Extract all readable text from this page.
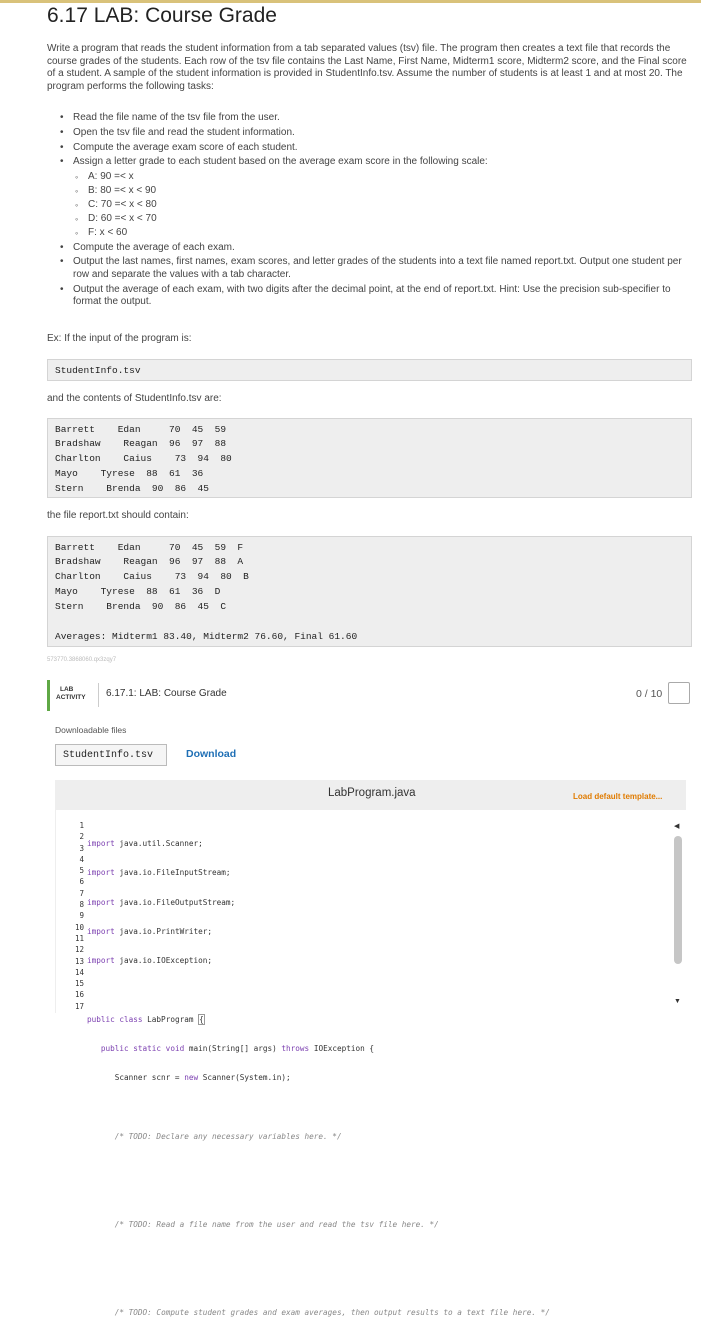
6.17 LAB: Course Grade

Write a program that reads the student information from a tab separated values (tsv) file. The program then creates a text file that records the course grades of the students. Each row of the tsv file contains the Last Name, First Name, Midterm1 score, Midterm2 score, and the Final score of a student. A sample of the student information is provided in StudentInfo.tsv. Assume the number of students is at least 1 and at most 20. The program performs the following tasks:

• Read the file name of the tsv file from the user.
• Open the tsv file and read the student information.
• Compute the average exam score of each student.
• Assign a letter grade to each student based on the average exam score in the following scale:
◦ A: 90 =< x
◦ B: 80 =< x < 90
◦ C: 70 =< x < 80
◦ D: 60 =< x < 70
◦ F: x < 60
• Compute the average of each exam.
• Output the last names, first names, exam scores, and letter grades of the students into a text file named report.txt. Output one student per row and separate the values with a tab character.
• Output the average of each exam, with two digits after the decimal point, at the end of report.txt. Hint: Use the precision sub-specifier to format the output.
Ex: If the input of the program is:
StudentInfo.tsv
and the contents of StudentInfo.tsv are:
Barrett    Edan     70  45  59
Bradshaw    Reagan  96  97  88
Charlton    Caius    73  94  80
Mayo    Tyrese  88  61  36
Stern    Brenda  90  86  45
the file report.txt should contain:
Barrett    Edan     70  45  59  F
Bradshaw    Reagan  96  97  88  A
Charlton    Caius    73  94  80  B
Mayo    Tyrese  88  61  36  D
Stern    Brenda  90  86  45  C
Averages: Midterm1 83.40, Midterm2 76.60, Final 61.60
573770.3868060.qx3zqy7
LAB
ACTIVITY 6.17.1: LAB: Course Grade	0 / 10
Downloadable files
StudentInfo.tsv	Download
LabProgram.java	Load default template...
1
2
3
4
5
6
7
8
9
10
11
12
13
14
15
16
17

import java.util.Scanner;

import java.io.FileInputStream;

import java.io.FileOutputStream;

import java.io.PrintWriter;

import java.io.IOException;

public class LabProgram {

public static void main(String[] args) throws IOException {

Scanner scnr = new Scanner(System.in);

/* TODO: Declare any necessary variables here. */

/* TODO: Read a file name from the user and read the tsv file here. */

/* TODO: Compute student grades and exam averages, then output results to a text file here. */

◀
▼
